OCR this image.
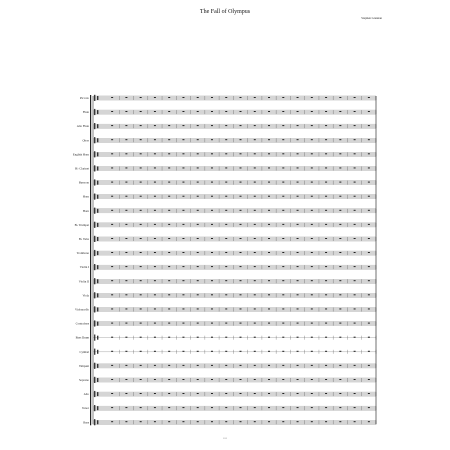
The Fall of Olympus
Stephen Grennan
Piccolo
Flute
Alto Flute
Oboe
English Horn
B♭ Clarinet
Bassoon
Horn
Horn
B♭ Trumpet
B♭ Tuba
Trombone
Violin I
Violin II
Viola
Violoncello
Contrabass
Bass Drum
Cymbal
Timpani
Soprano
Alto
Tenor
Bass
1/51
